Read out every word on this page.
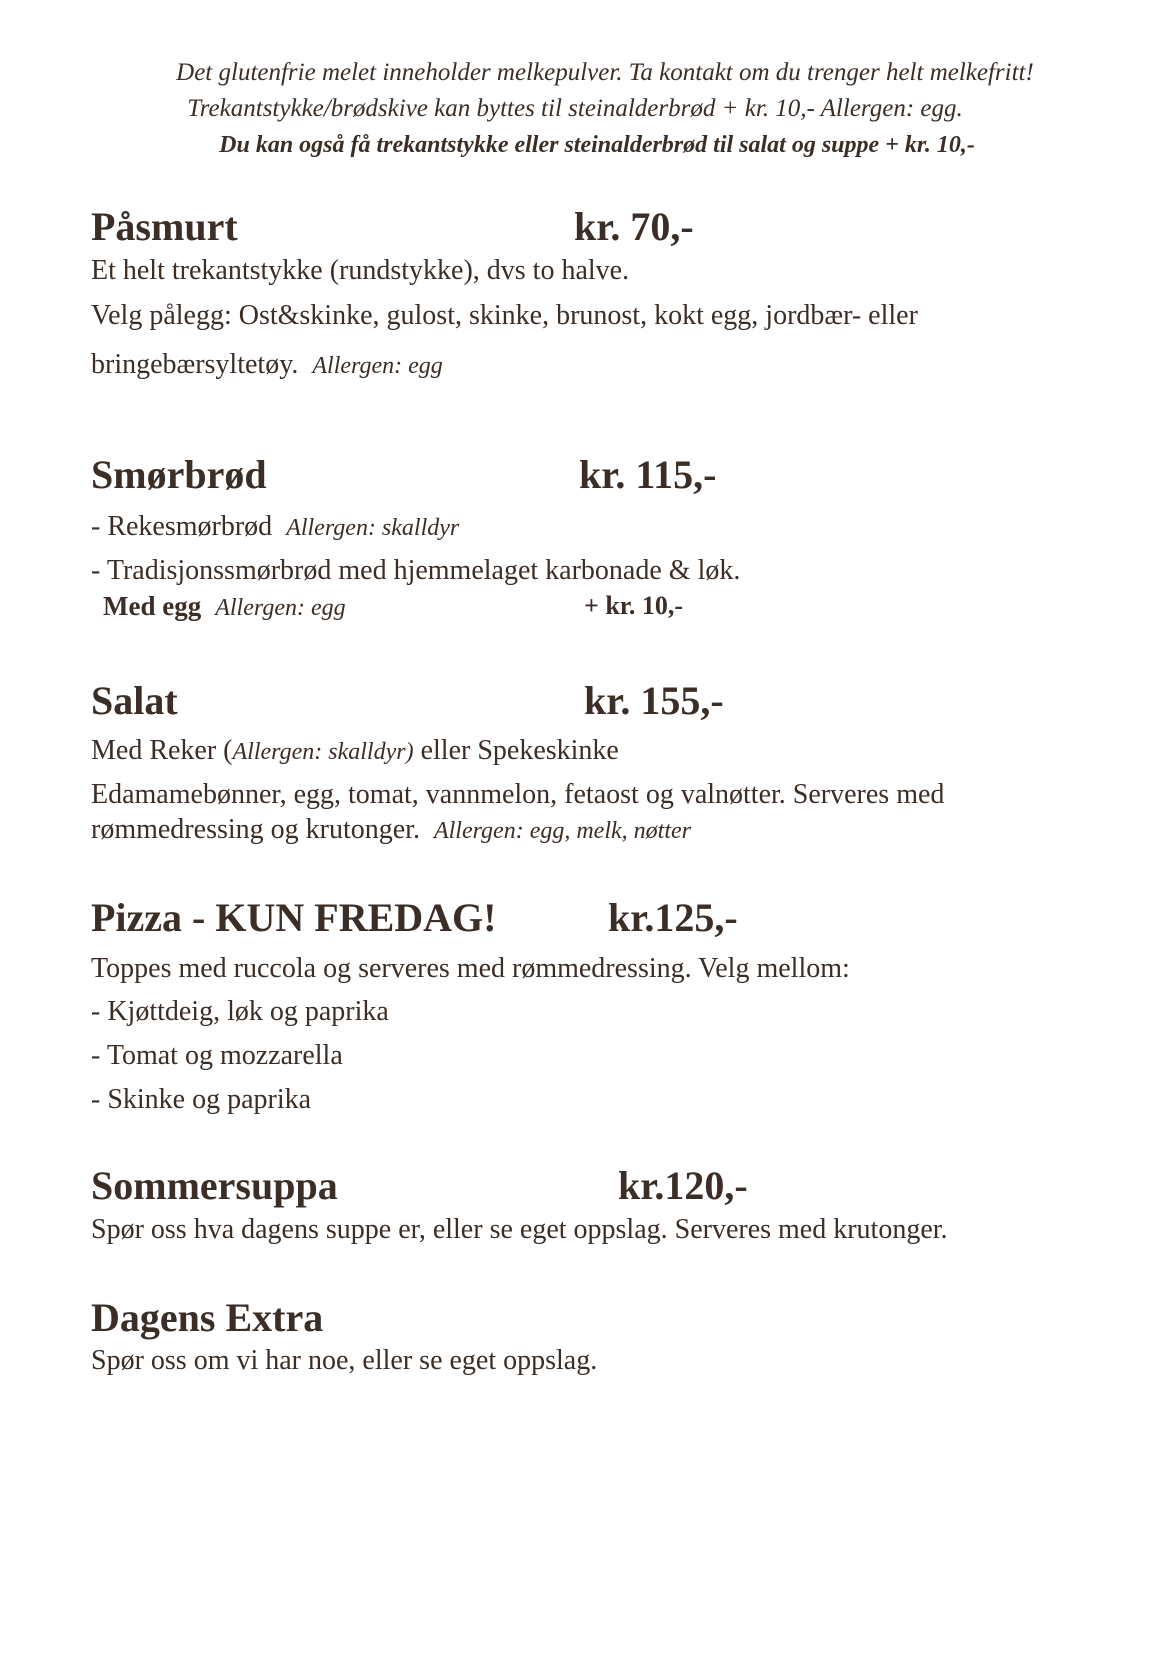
Det glutenfrie melet inneholder melkepulver. Ta kontakt om du trenger helt melkefritt!
Trekantstykke/brødskive kan byttes til steinalderbrød + kr. 10,- Allergen: egg.
Du kan også få trekantstykke eller steinalderbrød til salat og suppe + kr. 10,-
Påsmurt	kr. 70,-
Et helt trekantstykke (rundstykke), dvs to halve.
Velg pålegg: Ost&skinke, gulost, skinke, brunost, kokt egg, jordbær- eller
bringebærsyltetøy. Allergen: egg
Smørbrød	kr. 115,-
- Rekesmørbrød Allergen: skalldyr
- Tradisjonssmørbrød med hjemmelaget karbonade & løk.
Med egg Allergen: egg	+ kr. 10,-
Salat	kr. 155,-
Med Reker (Allergen: skalldyr) eller Spekeskinke
Edamamebønner, egg, tomat, vannmelon, fetaost og valnøtter. Serveres med
rømmedressing og krutonger. Allergen: egg, melk, nøtter
Pizza - KUN FREDAG!	kr.125,-
Toppes med ruccola og serveres med rømmedressing. Velg mellom:
- Kjøttdeig, løk og paprika
- Tomat og mozzarella
- Skinke og paprika
Sommersuppa	kr.120,-
Spør oss hva dagens suppe er, eller se eget oppslag. Serveres med krutonger.
Dagens Extra
Spør oss om vi har noe, eller se eget oppslag.
